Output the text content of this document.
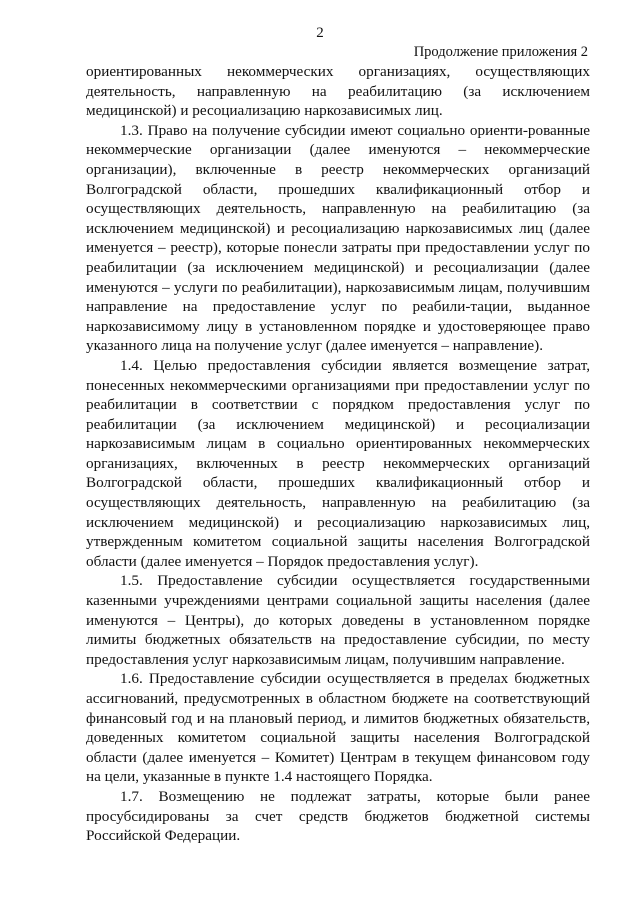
2
Продолжение приложения 2

ориентированных некоммерческих организациях, осуществляющих деятельность, направленную на реабилитацию (за исключением медицинской) и ресоциализацию наркозависимых лиц.

1.3. Право на получение субсидии имеют социально ориенти-рованные некоммерческие организации (далее именуются – некоммерческие организации), включенные в реестр некоммерческих организаций Волгоградской области, прошедших квалификационный отбор и осуществляющих деятельность, направленную на реабилитацию (за исключением медицинской) и ресоциализацию наркозависимых лиц (далее именуется – реестр), которые понесли затраты при предоставлении услуг по реабилитации (за исключением медицинской) и ресоциализации (далее именуются – услуги по реабилитации), наркозависимым лицам, получившим направление на предоставление услуг по реабили-тации, выданное наркозависимому лицу в установленном порядке и удостоверяющее право указанного лица на получение услуг (далее именуется – направление).

1.4. Целью предоставления субсидии является возмещение затрат, понесенных некоммерческими организациями при предоставлении услуг по реабилитации в соответствии с порядком предоставления услуг по реабилитации (за исключением медицинской) и ресоциализации наркозависимым лицам в социально ориентированных некоммерческих организациях, включенных в реестр некоммерческих организаций Волгоградской области, прошедших квалификационный отбор и осуществляющих деятельность, направленную на реабилитацию (за исключением медицинской) и ресоциализацию наркозависимых лиц, утвержденным комитетом социальной защиты населения Волгоградской области (далее именуется – Порядок предоставления услуг).

1.5. Предоставление субсидии осуществляется государственными казенными учреждениями центрами социальной защиты населения (далее именуются – Центры), до которых доведены в установленном порядке лимиты бюджетных обязательств на предоставление субсидии, по месту предоставления услуг наркозависимым лицам, получившим направление.

1.6. Предоставление субсидии осуществляется в пределах бюджетных ассигнований, предусмотренных в областном бюджете на соответствующий финансовый год и на плановый период, и лимитов бюджетных обязательств, доведенных комитетом социальной защиты населения Волгоградской области (далее именуется – Комитет) Центрам в текущем финансовом году на цели, указанные в пункте 1.4 настоящего Порядка.

1.7. Возмещению не подлежат затраты, которые были ранее просубсидированы за счет средств бюджетов бюджетной системы Российской Федерации.
